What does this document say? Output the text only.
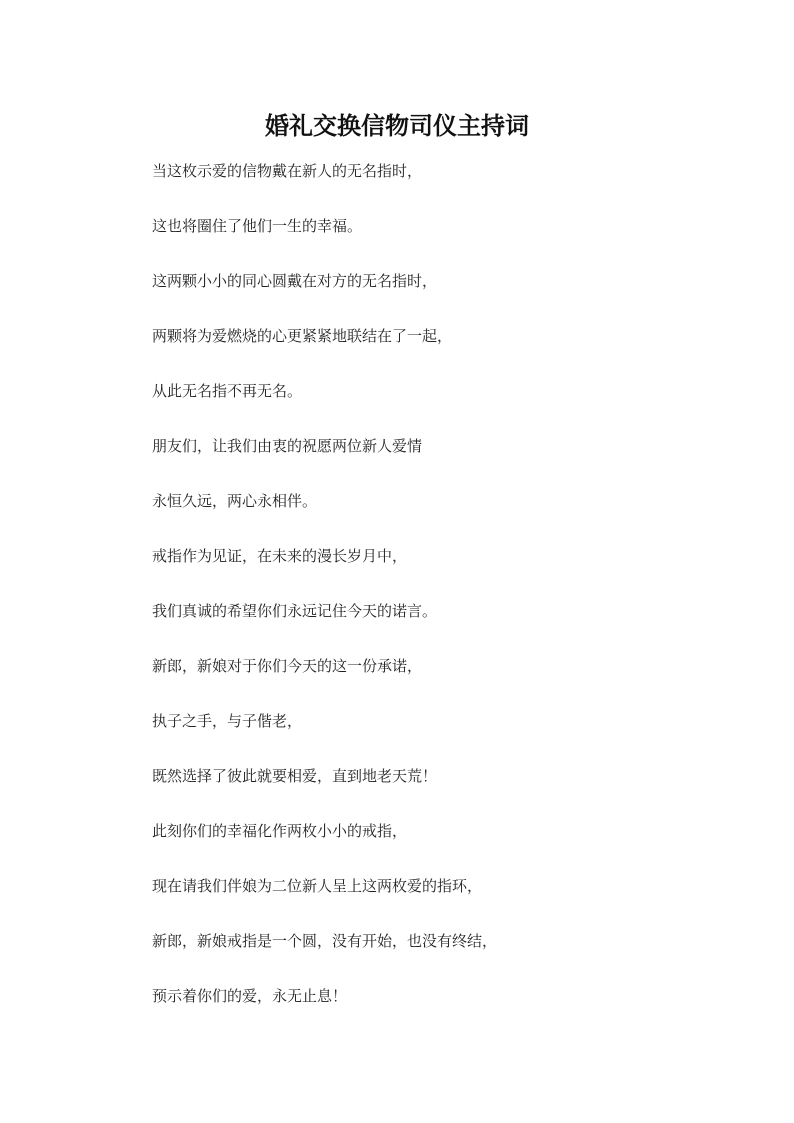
婚礼交换信物司仪主持词
当这枚示爱的信物戴在新人的无名指时，
这也将圈住了他们一生的幸福。
这两颗小小的同心圆戴在对方的无名指时，
两颗将为爱燃烧的心更紧紧地联结在了一起，
从此无名指不再无名。
朋友们，让我们由衷的祝愿两位新人爱情
永恒久远，两心永相伴。
戒指作为见证，在未来的漫长岁月中，
我们真诚的希望你们永远记住今天的诺言。
新郎，新娘对于你们今天的这一份承诺，
执子之手，与子偕老，
既然选择了彼此就要相爱，直到地老天荒！
此刻你们的幸福化作两枚小小的戒指，
现在请我们伴娘为二位新人呈上这两枚爱的指环，
新郎，新娘戒指是一个圆，没有开始，也没有终结，
预示着你们的爱，永无止息！
